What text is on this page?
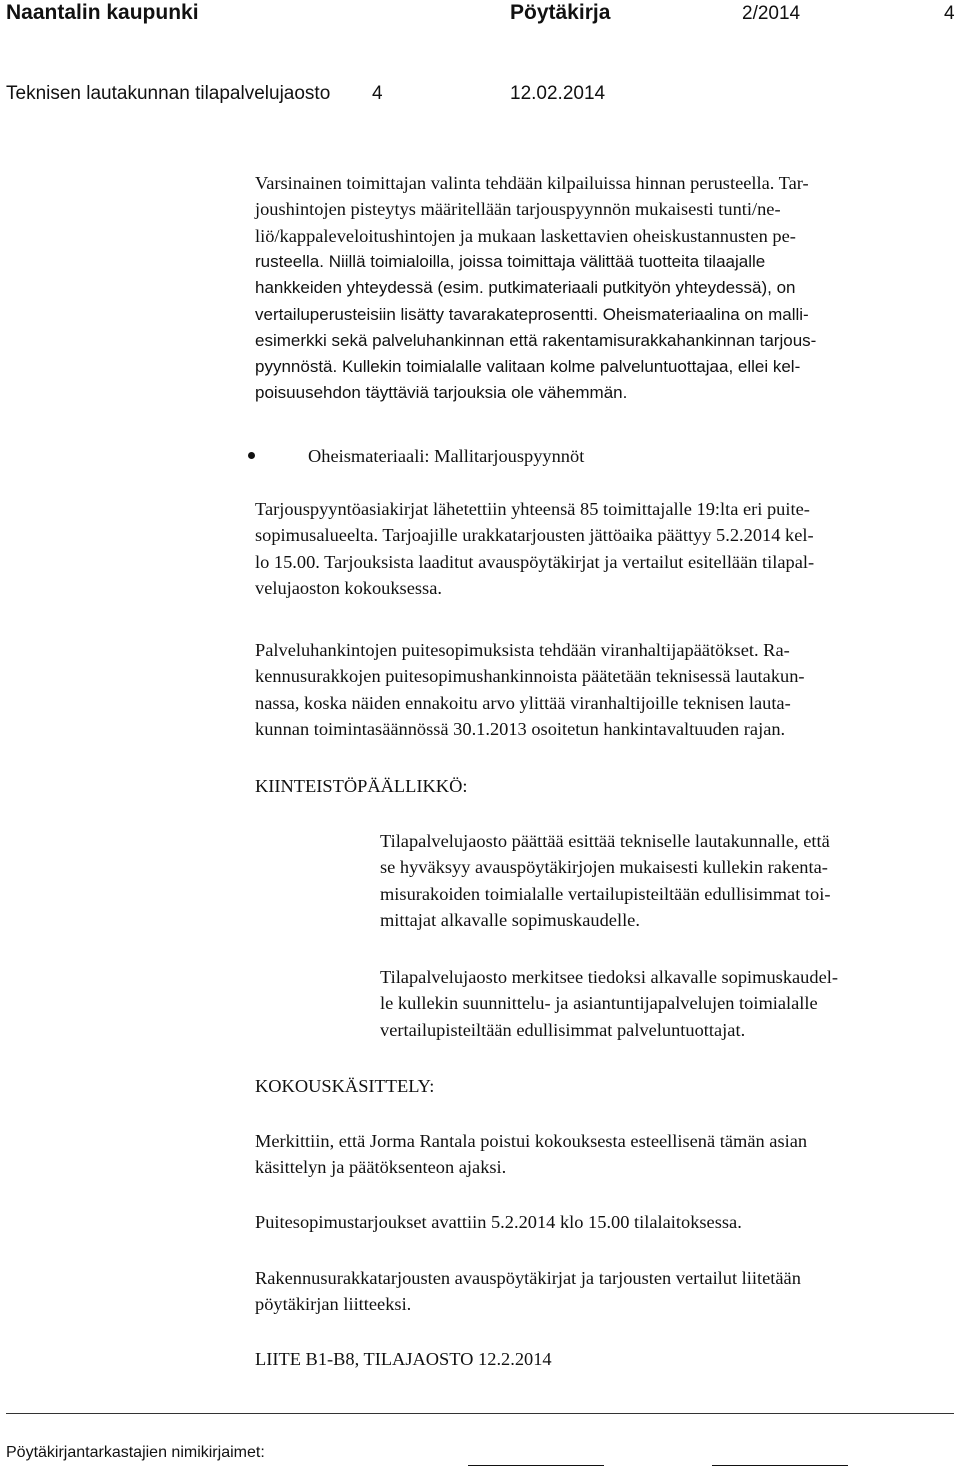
Naantalin kaupunki	Pöytäkirja	2/2014	4
Teknisen lautakunnan tilapalvelujaosto 4	12.02.2014
Varsinainen toimittajan valinta tehdään kilpailuissa hinnan perusteella. Tar-
joushintojen pisteytys määritellään tarjouspyynnön mukaisesti tunti/ne-
liö/kappaleveloitushintojen ja mukaan laskettavien oheiskustannusten pe-
rusteella. Niillä toimialoilla, joissa toimittaja välittää tuotteita tilaajalle
hankkeiden yhteydessä (esim. putkimateriaali putkityön yhteydessä), on
vertailuperusteisiin lisätty tavarakateprosentti. Oheismateriaalina on malli-
esimerkki sekä palveluhankinnan että rakentamisurakkahankinnan tarjous-
pyynnöstä. Kullekin toimialalle valitaan kolme palveluntuottajaa, ellei kel-
poisuusehdon täyttäviä tarjouksia ole vähemmän.
Oheismateriaali: Mallitarjouspyynnöt
Tarjouspyyntöasiakirjat lähetettiin yhteensä 85 toimittajalle 19:lta eri puite-
sopimusalueelta. Tarjoajille urakkatarjousten jättöaika päättyy 5.2.2014 kel-
lo 15.00. Tarjouksista laaditut avauspöytäkirjat ja vertailut esitellään tilapal-
velujaoston kokouksessa.
Palveluhankintojen puitesopimuksista tehdään viranhaltijapäätökset. Ra-
kennusurakkojen puitesopimushankinnoista päätetään teknisessä lautakun-
nassa, koska näiden ennakoitu arvo ylittää viranhaltijoille teknisen lauta-
kunnan toimintasäännössä 30.1.2013 osoitetun hankintavaltuuden rajan.
KIINTEISTÖPÄÄLLIKKÖ:
Tilapalvelujaosto päättää esittää tekniselle lautakunnalle, että
se hyväksyy avauspöytäkirjojen mukaisesti kullekin rakenta-
misurakoiden toimialalle vertailupisteiltään edullisimmat toi-
mittajat alkavalle sopimuskaudelle.
Tilapalvelujaosto merkitsee tiedoksi alkavalle sopimuskaudel-
le kullekin suunnittelu- ja asiantuntijapalvelujen toimialalle
vertailupisteiltään edullisimmat palveluntuottajat.
KOKOUSKÄSITTELY:
Merkittiin, että Jorma Rantala poistui kokouksesta esteellisenä tämän asian
käsittelyn ja päätöksenteon ajaksi.
Puitesopimustarjoukset avattiin 5.2.2014 klo 15.00 tilalaitoksessa.
Rakennusurakkatarjousten avauspöytäkirjat ja tarjousten vertailut liitetään
pöytäkirjan liitteeksi.
LIITE B1-B8, TILAJAOSTO 12.2.2014
Pöytäkirjantarkastajien nimikirjaimet:
